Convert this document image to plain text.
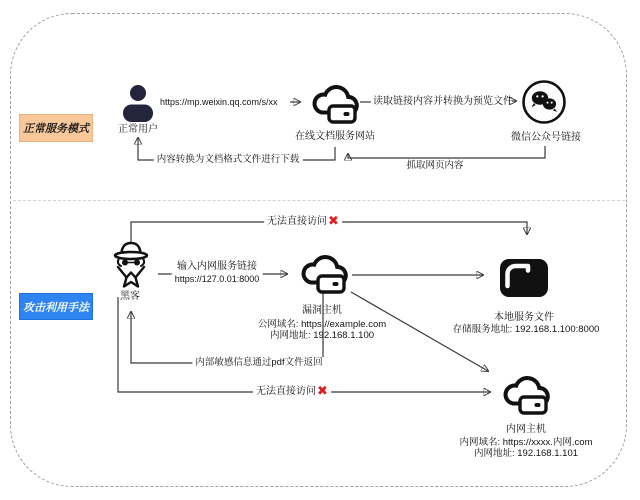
正常服务模式
攻击利用手法
正常用户
https://mp.weixin.qq.com/s/xx
在线文档服务网站
读取链接内容并转换为预览文件
微信公众号链接
内容转换为文档格式文件进行下载
抓取网页内容
黑客
无法直接访问✖
输入内网服务链接
https://127.0.01:8000
漏洞主机
公网域名: https://example.com
内网地址: 192.168.1.100
本地服务文件
存储服务地址: 192.168.1.100:8000
内部敏感信息通过pdf文件返回
无法直接访问✖
内网主机
内网域名: https://xxxx.内网.com
内网地址: 192.168.1.101
